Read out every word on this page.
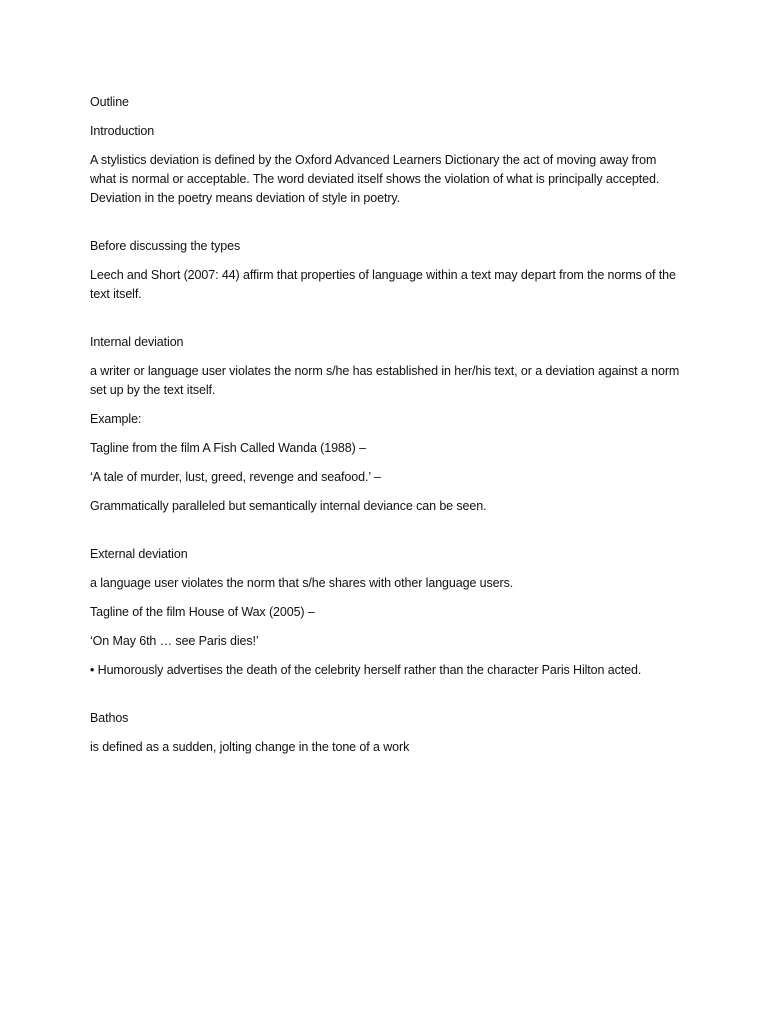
Outline

Introduction

A stylistics deviation is defined by the Oxford Advanced Learners Dictionary the act of moving away from what is normal or acceptable. The word deviated itself shows the violation of what is principally accepted. Deviation in the poetry means deviation of style in poetry.

Before discussing the types

Leech and Short (2007: 44) affirm that properties of language within a text may depart from the norms of the text itself.

Internal deviation

a writer or language user violates the norm s/he has established in her/his text, or a deviation against a norm set up by the text itself.

Example:

Tagline from the film A Fish Called Wanda (1988) –

‘A tale of murder, lust, greed, revenge and seafood.’ –

Grammatically paralleled but semantically internal deviance can be seen.

External deviation

a language user violates the norm that s/he shares with other language users.

Tagline of the film House of Wax (2005) –

‘On May 6th … see Paris dies!’

• Humorously advertises the death of the celebrity herself rather than the character Paris Hilton acted.

Bathos

is defined as a sudden, jolting change in the tone of a work
